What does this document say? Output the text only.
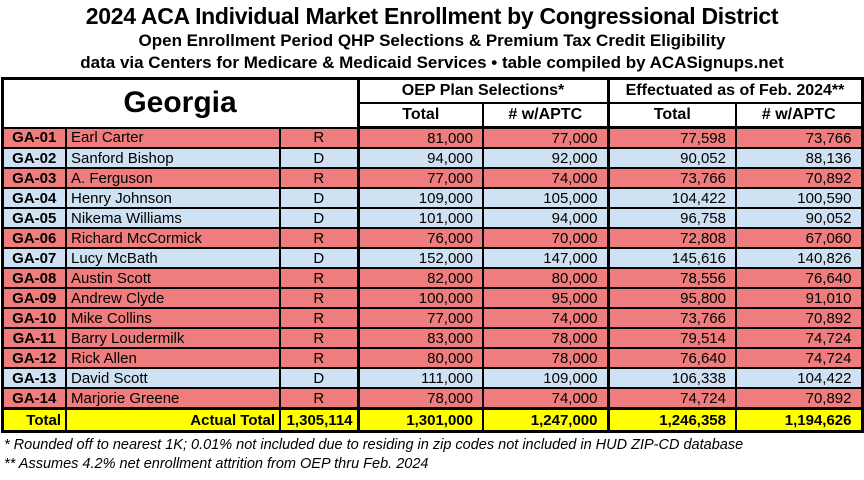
2024 ACA Individual Market Enrollment by Congressional District
Open Enrollment Period QHP Selections & Premium Tax Credit Eligibility
data via Centers for Medicare & Medicaid Services • table compiled by ACASignups.net
Georgia			OEP Plan Selections*		Effectuated as of Feb. 2024**	
			Total	# w/APTC	Total	# w/APTC
GA-01	Earl Carter	R	81,000	77,000	77,598	73,766
GA-02	Sanford Bishop	D	94,000	92,000	90,052	88,136
GA-03	A. Ferguson	R	77,000	74,000	73,766	70,892
GA-04	Henry Johnson	D	109,000	105,000	104,422	100,590
GA-05	Nikema Williams	D	101,000	94,000	96,758	90,052
GA-06	Richard McCormick	R	76,000	70,000	72,808	67,060
GA-07	Lucy McBath	D	152,000	147,000	145,616	140,826
GA-08	Austin Scott	R	82,000	80,000	78,556	76,640
GA-09	Andrew Clyde	R	100,000	95,000	95,800	91,010
GA-10	Mike Collins	R	77,000	74,000	73,766	70,892
GA-11	Barry Loudermilk	R	83,000	78,000	79,514	74,724
GA-12	Rick Allen	R	80,000	78,000	76,640	74,724
GA-13	David Scott	D	111,000	109,000	106,338	104,422
GA-14	Marjorie Greene	R	78,000	74,000	74,724	70,892
Total	Actual Total	1,305,114	1,301,000	1,247,000	1,246,358	1,194,626
* Rounded off to nearest 1K; 0.01% not included due to residing in zip codes not included in HUD ZIP-CD database
** Assumes 4.2% net enrollment attrition from OEP thru Feb. 2024
